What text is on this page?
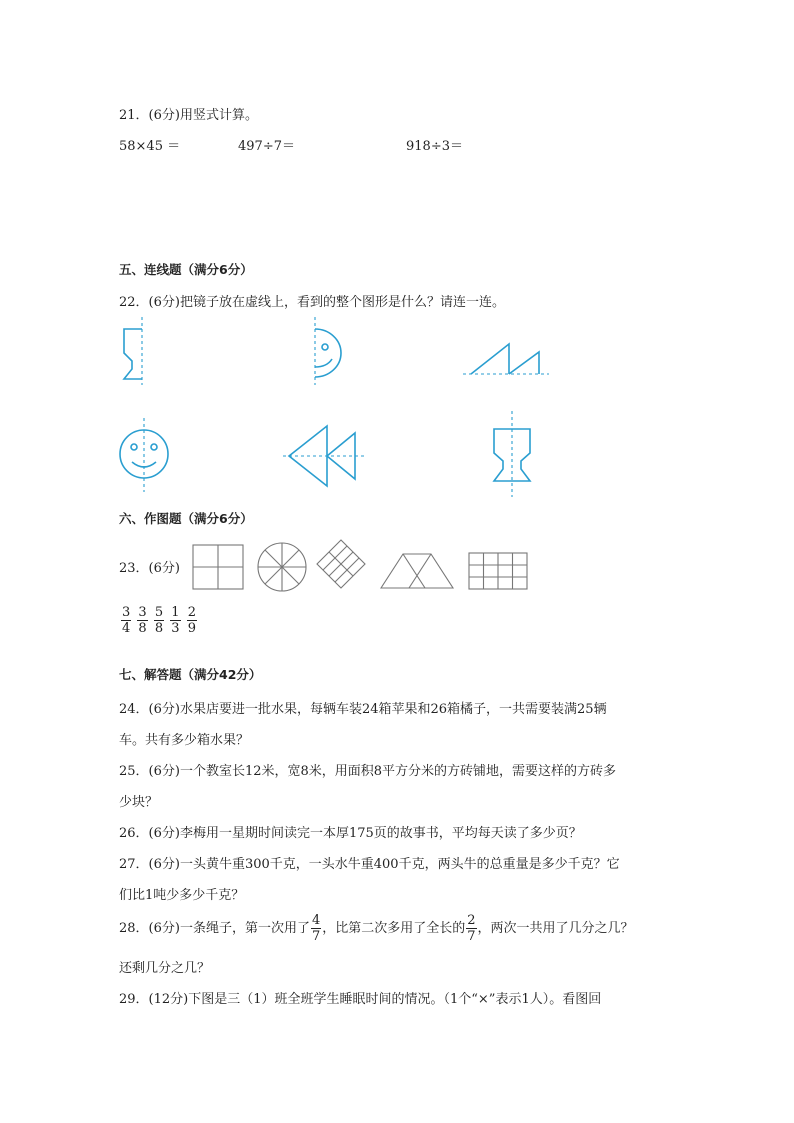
21．(6分)用竖式计算。
58×45 ＝	497÷7＝	918÷3＝
五、连线题（满分6分）
22．(6分)把镜子放在虚线上，看到的整个图形是什么？请连一连。
六、作图题（满分6分）
23．(6分)
$\frac{3}{4}$
$\frac{3}{8}$
$\frac{5}{8}$
$\frac{1}{3}$
$\frac{2}{9}$
七、解答题（满分42分）
24．(6分)水果店要进一批水果，每辆车装24箱苹果和26箱橘子，一共需要装满25辆
车。共有多少箱水果？
25．(6分)一个教室长12米，宽8米，用面积8平方分米的方砖铺地，需要这样的方砖多
少块？
26．(6分)李梅用一星期时间读完一本厚175页的故事书，平均每天读了多少页？
27．(6分)一头黄牛重300千克，一头水牛重400千克，两头牛的总重量是多少千克？它
们比1吨少多少千克？
28．(6分)一条绳子，第一次用了 $\frac{4}{7}$ ，比第二次多用了全长的 $\frac{2}{7}$ ，两次一共用了几分之几？
还剩几分之几？
29．(12分)下图是三（1）班全班学生睡眠时间的情况。（1个“×”表示1人）。看图回
